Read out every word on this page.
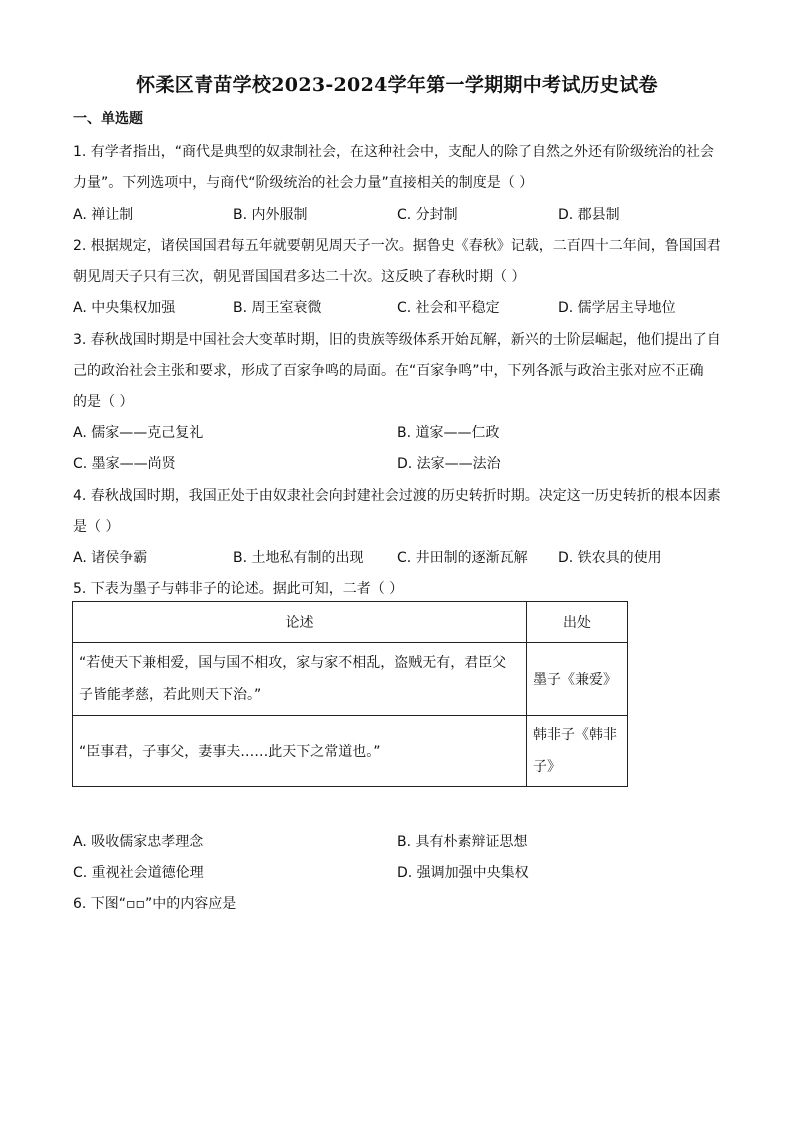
怀柔区青苗学校2023-2024学年第一学期期中考试历史试卷
一、单选题
1. 有学者指出，“商代是典型的奴隶制社会，在这种社会中，支配人的除了自然之外还有阶级统治的社会
力量”。下列选项中，与商代“阶级统治的社会力量”直接相关的制度是（ ）
A. 禅让制	B. 内外服制	C. 分封制	D. 郡县制
2. 根据规定，诸侯国国君每五年就要朝见周天子一次。据鲁史《春秋》记载，二百四十二年间，鲁国国君
朝见周天子只有三次，朝见晋国国君多达二十次。这反映了春秋时期（ ）
A. 中央集权加强	B. 周王室衰微	C. 社会和平稳定	D. 儒学居主导地位
3. 春秋战国时期是中国社会大变革时期，旧的贵族等级体系开始瓦解，新兴的士阶层崛起，他们提出了自
己的政治社会主张和要求，形成了百家争鸣的局面。在“百家争鸣”中，下列各派与政治主张对应不正确
的是（ ）
A. 儒家——克己复礼	B. 道家——仁政
C. 墨家——尚贤	D. 法家——法治
4. 春秋战国时期，我国正处于由奴隶社会向封建社会过渡的历史转折时期。决定这一历史转折的根本因素
是（ ）
A. 诸侯争霸	B. 土地私有制的出现 C. 井田制的逐渐瓦解 D. 铁农具的使用
5. 下表为墨子与韩非子的论述。据此可知，二者（ ）
论述	出处

“若使天下兼相爱，国与国不相攻，家与家不相乱，盗贼无有，君臣父
子皆能孝慈，若此则天下治。”	墨子《兼爱》

“臣事君，子事父，妻事夫……此天下之常道也。”	韩非子《韩非
子》
A. 吸收儒家忠孝理念	B. 具有朴素辩证思想
C. 重视社会道德伦理	D. 强调加强中央集权
6. 下图“▫▫”中的内容应是
